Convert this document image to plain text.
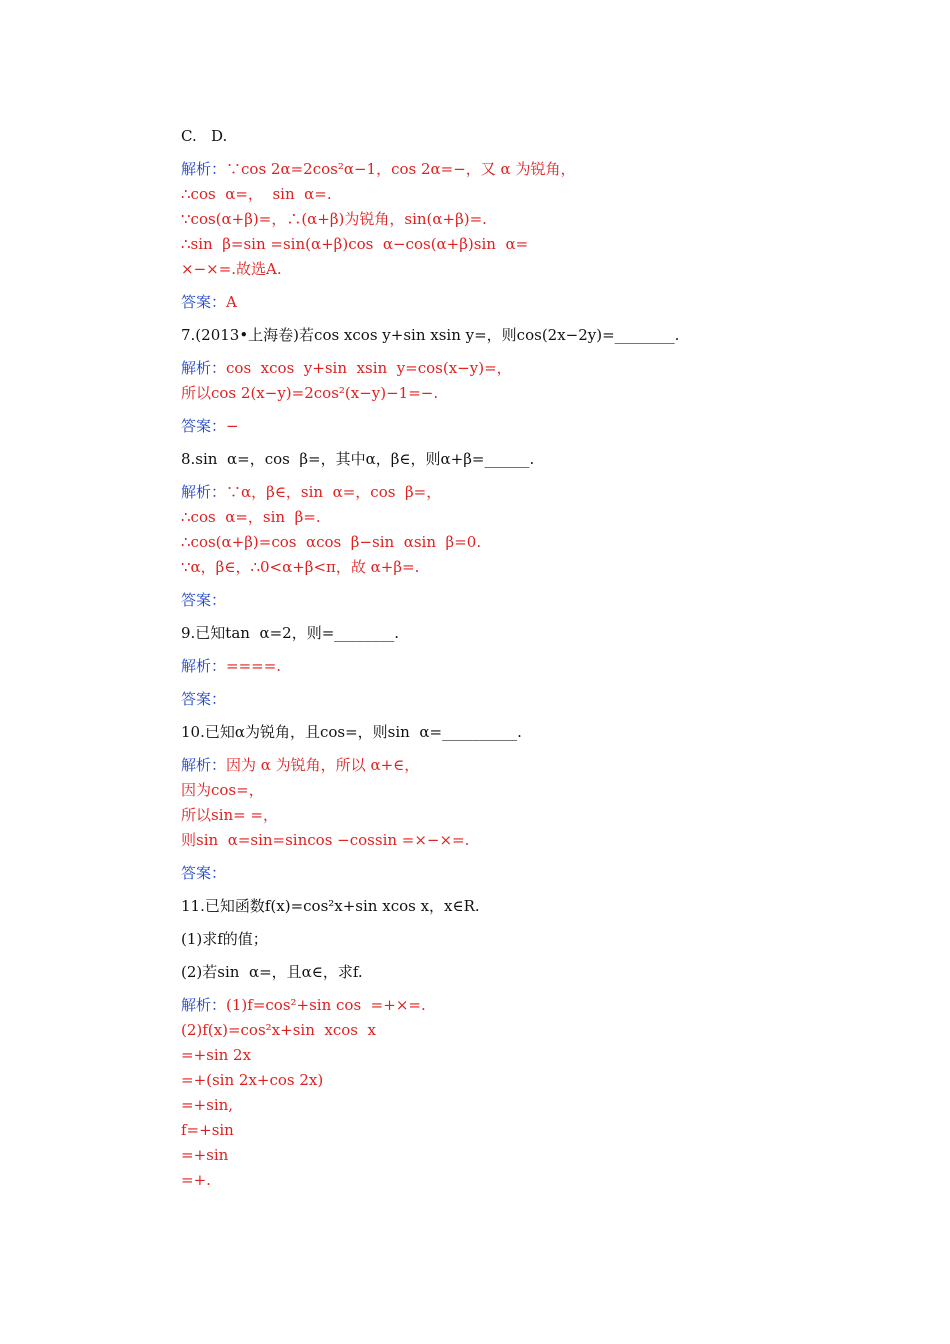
C.   D.
解析：∵cos 2α=2cos²α−1，cos 2α=−，又 α 为锐角，
∴cos  α=，  sin  α=.
∵cos(α+β)=，∴(α+β)为锐角，sin(α+β)=.
∴sin  β=sin =sin(α+β)cos  α−cos(α+β)sin  α=
×−×=.故选A.
答案：A
7.(2013•上海卷)若cos xcos y+sin xsin y=，则cos(2x−2y)=________.
解析：cos  xcos  y+sin  xsin  y=cos(x−y)=，
所以cos 2(x−y)=2cos²(x−y)−1=−.
答案：−
8.sin  α=，cos  β=，其中α，β∈，则α+β=______.
解析：∵α，β∈，sin  α=，cos  β=，
∴cos  α=，sin  β=.
∴cos(α+β)=cos  αcos  β−sin  αsin  β=0.
∵α，β∈，∴0<α+β<π，故 α+β=.
答案：
9.已知tan  α=2，则=________.
解析：====.
答案：
10.已知α为锐角，且cos=，则sin  α=__________.
解析：因为 α 为锐角，所以 α+∈，
因为cos=，
所以sin= =，
则sin  α=sin=sincos −cossin =×−×=.
答案：
11.已知函数f(x)=cos²x+sin xcos x，x∈R.
(1)求f的值；
(2)若sin  α=，且α∈，求f.
解析：(1)f=cos²+sin cos  =+×=.
(2)f(x)=cos²x+sin  xcos  x
=+sin 2x
=+(sin 2x+cos 2x)
=+sin,
f=+sin
=+sin
=+.
